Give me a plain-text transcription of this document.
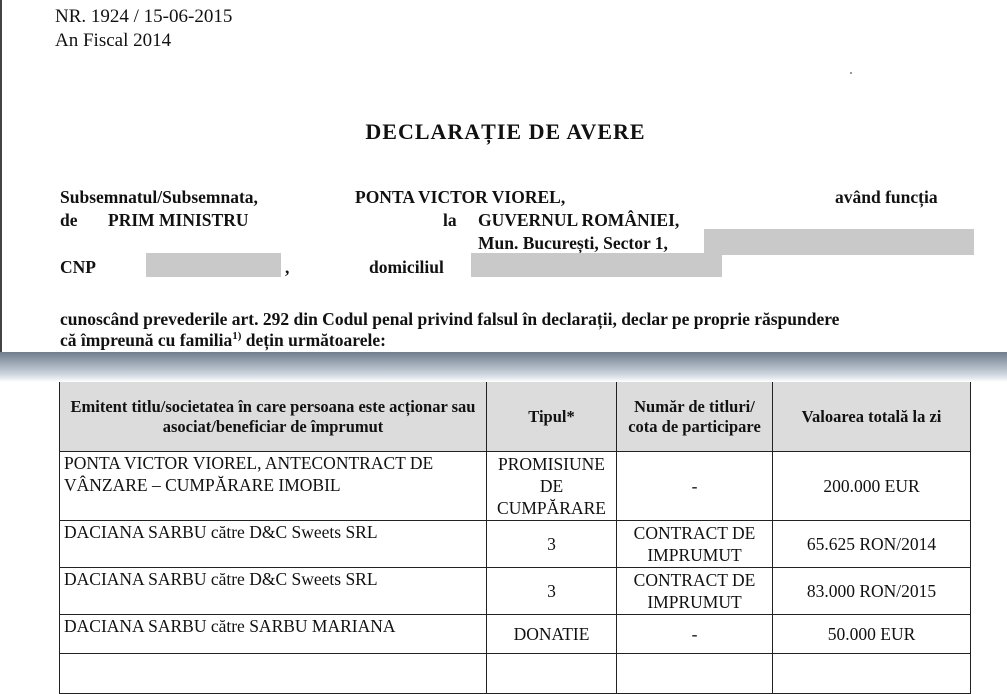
NR. 1924 / 15-06-2015
An Fiscal 2014
DECLARAȚIE DE AVERE
Subsemnatul/Subsemnata,	PONTA VICTOR VIOREL,	având funcția
de PRIM MINISTRU	la GUVERNUL ROMÂNIEI,
Mun. București, Sector 1,
CNP	,	domiciliul
cunoscând prevederile art. 292 din Codul penal privind falsul în declarații, declar pe proprie răspundere
că împreună cu familia$^{1)}$ dețin următoarele:
Emitent titlu/societatea în care persoana este acționar sau asociat/beneficiar de împrumut	Tipul*	Număr de titluri/ cota de participare	Valoarea totală la zi
PONTA VICTOR VIOREL, ANTECONTRACT DE VÂNZARE – CUMPĂRARE IMOBIL	PROMISIUNE DE CUMPĂRARE	-	200.000 EUR
DACIANA SARBU către D&C Sweets SRL	3	CONTRACT DE IMPRUMUT	65.625 RON/2014
DACIANA SARBU către D&C Sweets SRL	3	CONTRACT DE IMPRUMUT	83.000 RON/2015
DACIANA SARBU către SARBU MARIANA	DONATIE	-	50.000 EUR
